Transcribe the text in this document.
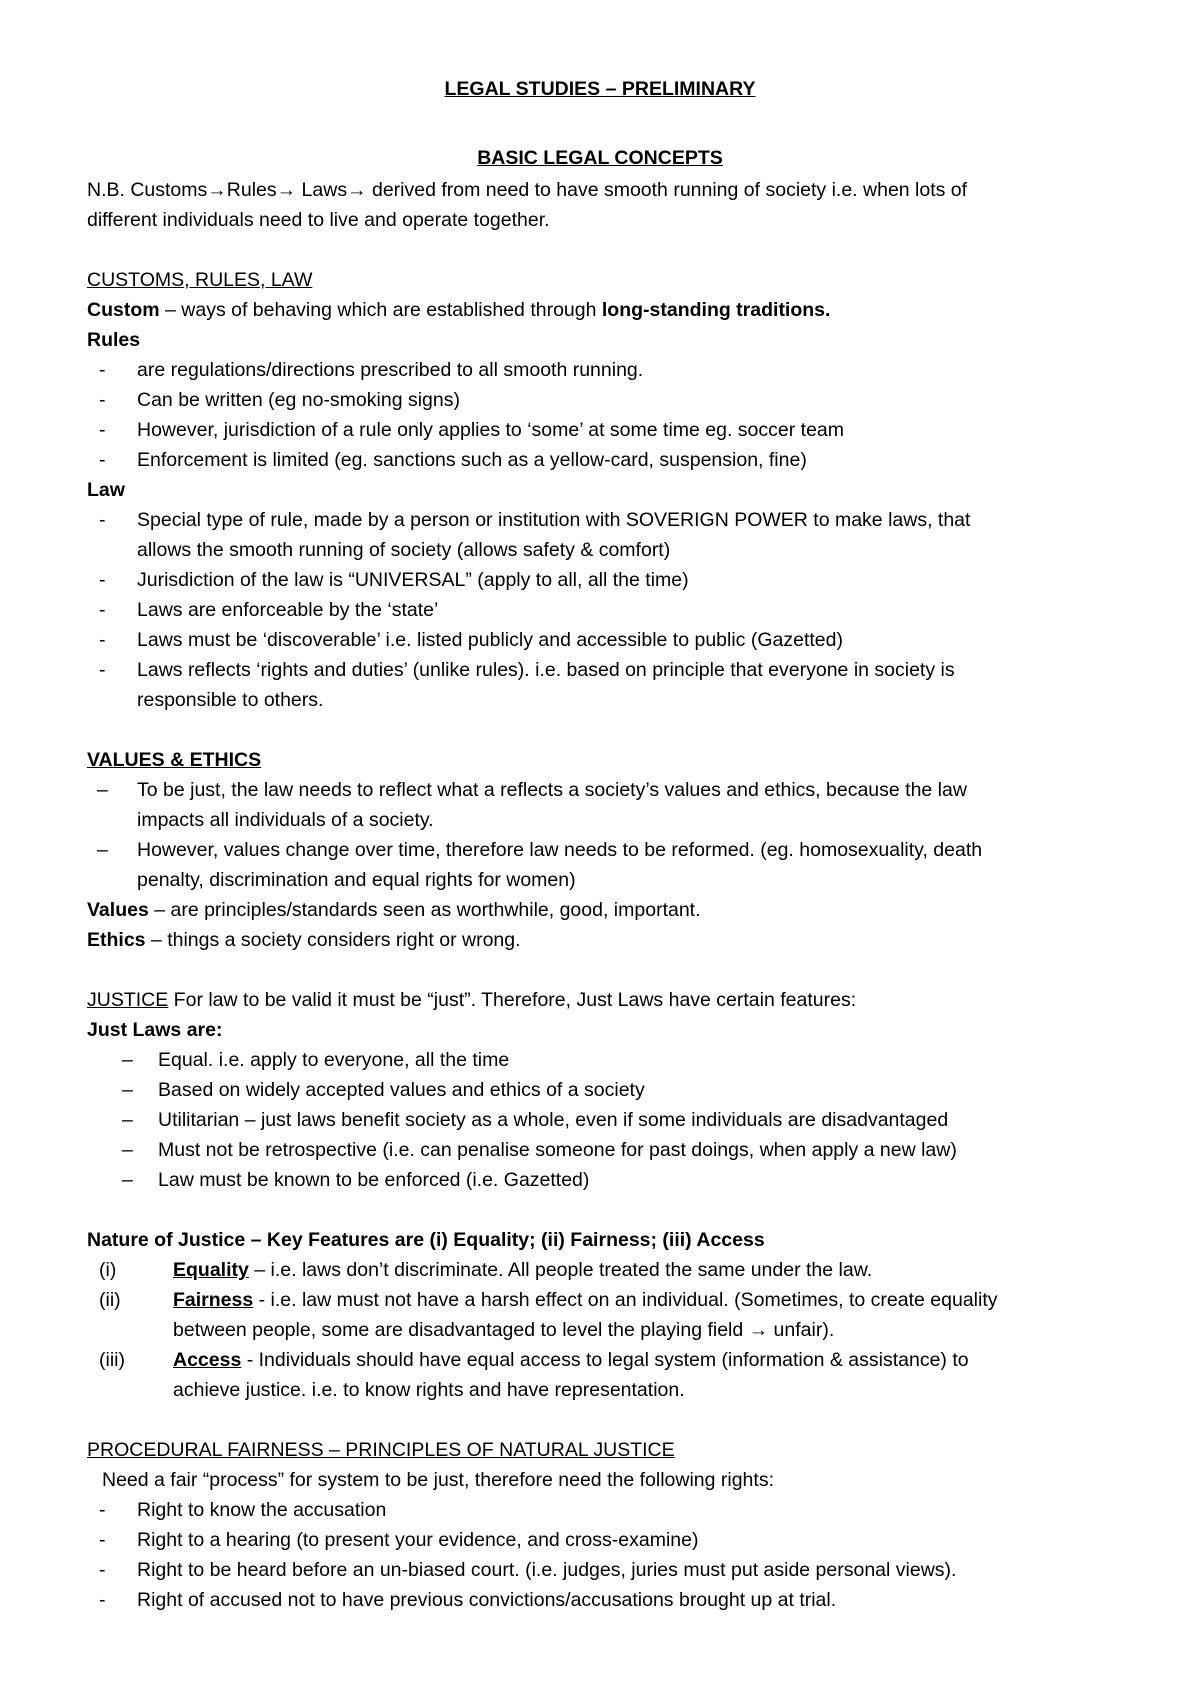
LEGAL STUDIES – PRELIMINARY
BASIC LEGAL CONCEPTS
N.B. Customs→Rules→ Laws→ derived from need to have smooth running of society i.e. when lots of
different individuals need to live and operate together.
CUSTOMS, RULES, LAW
Custom – ways of behaving which are established through long-standing traditions.
Rules
- are regulations/directions prescribed to all smooth running.
- Can be written (eg no-smoking signs)
- However, jurisdiction of a rule only applies to ‘some’ at some time eg. soccer team
- Enforcement is limited (eg. sanctions such as a yellow-card, suspension, fine)
Law
- Special type of rule, made by a person or institution with SOVERIGN POWER to make laws, that
allows the smooth running of society (allows safety & comfort)
- Jurisdiction of the law is “UNIVERSAL” (apply to all, all the time)
- Laws are enforceable by the ‘state’
- Laws must be ‘discoverable’ i.e. listed publicly and accessible to public (Gazetted)
- Laws reflects ‘rights and duties’ (unlike rules). i.e. based on principle that everyone in society is
responsible to others.
VALUES & ETHICS
– To be just, the law needs to reflect what a reflects a society’s values and ethics, because the law
impacts all individuals of a society.
– However, values change over time, therefore law needs to be reformed. (eg. homosexuality, death
penalty, discrimination and equal rights for women)
Values – are principles/standards seen as worthwhile, good, important.
Ethics – things a society considers right or wrong.
JUSTICE For law to be valid it must be “just”. Therefore, Just Laws have certain features:
Just Laws are:
– Equal. i.e. apply to everyone, all the time
– Based on widely accepted values and ethics of a society
– Utilitarian – just laws benefit society as a whole, even if some individuals are disadvantaged
– Must not be retrospective (i.e. can penalise someone for past doings, when apply a new law)
– Law must be known to be enforced (i.e. Gazetted)
Nature of Justice – Key Features are (i) Equality; (ii) Fairness; (iii) Access
(i)	Equality – i.e. laws don’t discriminate. All people treated the same under the law.
(ii)	Fairness - i.e. law must not have a harsh effect on an individual. (Sometimes, to create equality
between people, some are disadvantaged to level the playing field → unfair).
(iii) Access - Individuals should have equal access to legal system (information & assistance) to
achieve justice. i.e. to know rights and have representation.
PROCEDURAL FAIRNESS – PRINCIPLES OF NATURAL JUSTICE
Need a fair “process” for system to be just, therefore need the following rights:
- Right to know the accusation
- Right to a hearing (to present your evidence, and cross-examine)
- Right to be heard before an un-biased court. (i.e. judges, juries must put aside personal views).
- Right of accused not to have previous convictions/accusations brought up at trial.
